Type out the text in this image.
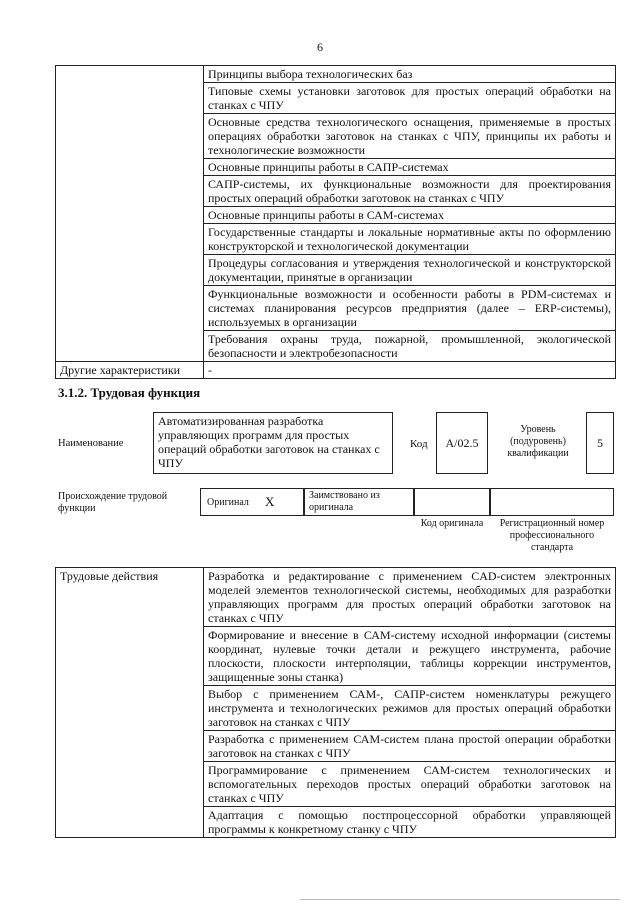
6
	Принципы выбора технологических баз
	Типовые схемы установки заготовок для простых операций обработки на станках с ЧПУ
	Основные средства технологического оснащения, применяемые в простых операциях обработки заготовок на станках с ЧПУ, принципы их работы и технологические возможности
	Основные принципы работы в САПР-системах
	САПР-системы, их функциональные возможности для проектирования простых операций обработки заготовок на станках с ЧПУ
	Основные принципы работы в САМ-системах
	Государственные стандарты и локальные нормативные акты по оформлению конструкторской и технологической документации
	Процедуры согласования и утверждения технологической и конструкторской документации, принятые в организации
	Функциональные возможности и особенности работы в PDM-системах и системах планирования ресурсов предприятия (далее – ERP-системы), используемых в организации
	Требования охраны труда, пожарной, промышленной, экологической безопасности и электробезопасности
Другие характеристики	-
3.1.2. Трудовая функция
Наименование
Автоматизированная разработка управляющих программ для простых операций обработки заготовок на станках с ЧПУ
Код	A/02.5
Уровень (подуровень) квалификации
5
Происхождение трудовой функции
Оригинал X	Заимствовано из оригинала
Код оригинала	Регистрационный номер профессионального стандарта
Трудовые действия	Разработка и редактирование с применением CAD-систем электронных моделей элементов технологической системы, необходимых для разработки управляющих программ для простых операций обработки заготовок на станках с ЧПУ
Формирование и внесение в САМ-систему исходной информации (системы координат, нулевые точки детали и режущего инструмента, рабочие плоскости, плоскости интерполяции, таблицы коррекции инструментов, защищенные зоны станка)
Выбор с применением САМ-, САПР-систем номенклатуры режущего инструмента и технологических режимов для простых операций обработки заготовок на станках с ЧПУ
Разработка с применением САМ-систем плана простой операции обработки заготовок на станках с ЧПУ
Программирование с применением САМ-систем технологических и вспомогательных переходов простых операций обработки заготовок на станках с ЧПУ
Адаптация с помощью постпроцессорной обработки управляющей программы к конкретному станку с ЧПУ
